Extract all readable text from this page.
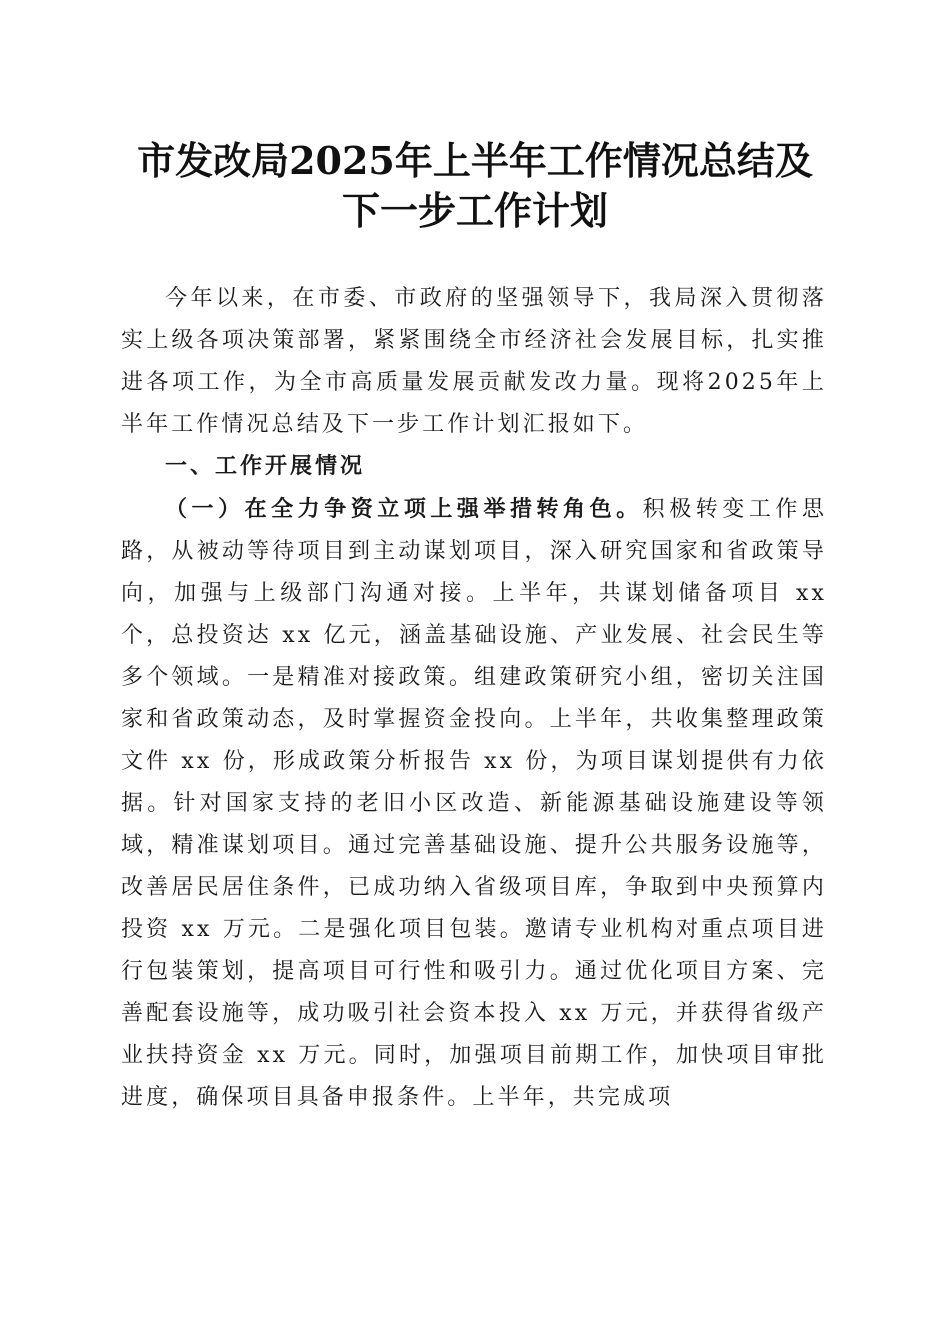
市发改局2025年上半年工作情况总结及下一步工作计划

今年以来，在市委、市政府的坚强领导下，我局深入贯彻落实上级各项决策部署，紧紧围绕全市经济社会发展目标，扎实推进各项工作，为全市高质量发展贡献发改力量。现将2025年上半年工作情况总结及下一步工作计划汇报如下。

一、工作开展情况

（一）在全力争资立项上强举措转角色。积极转变工作思路，从被动等待项目到主动谋划项目，深入研究国家和省政策导向，加强与上级部门沟通对接。上半年，共谋划储备项目 xx 个，总投资达 xx 亿元，涵盖基础设施、产业发展、社会民生等多个领域。一是精准对接政策。组建政策研究小组，密切关注国家和省政策动态，及时掌握资金投向。上半年，共收集整理政策文件 xx 份，形成政策分析报告 xx 份，为项目谋划提供有力依据。针对国家支持的老旧小区改造、新能源基础设施建设等领域，精准谋划项目。通过完善基础设施、提升公共服务设施等，改善居民居住条件，已成功纳入省级项目库，争取到中央预算内投资 xx 万元。二是强化项目包装。邀请专业机构对重点项目进行包装策划，提高项目可行性和吸引力。通过优化项目方案、完善配套设施等，成功吸引社会资本投入 xx 万元，并获得省级产业扶持资金 xx 万元。同时，加强项目前期工作，加快项目审批进度，确保项目具备申报条件。上半年，共完成项
